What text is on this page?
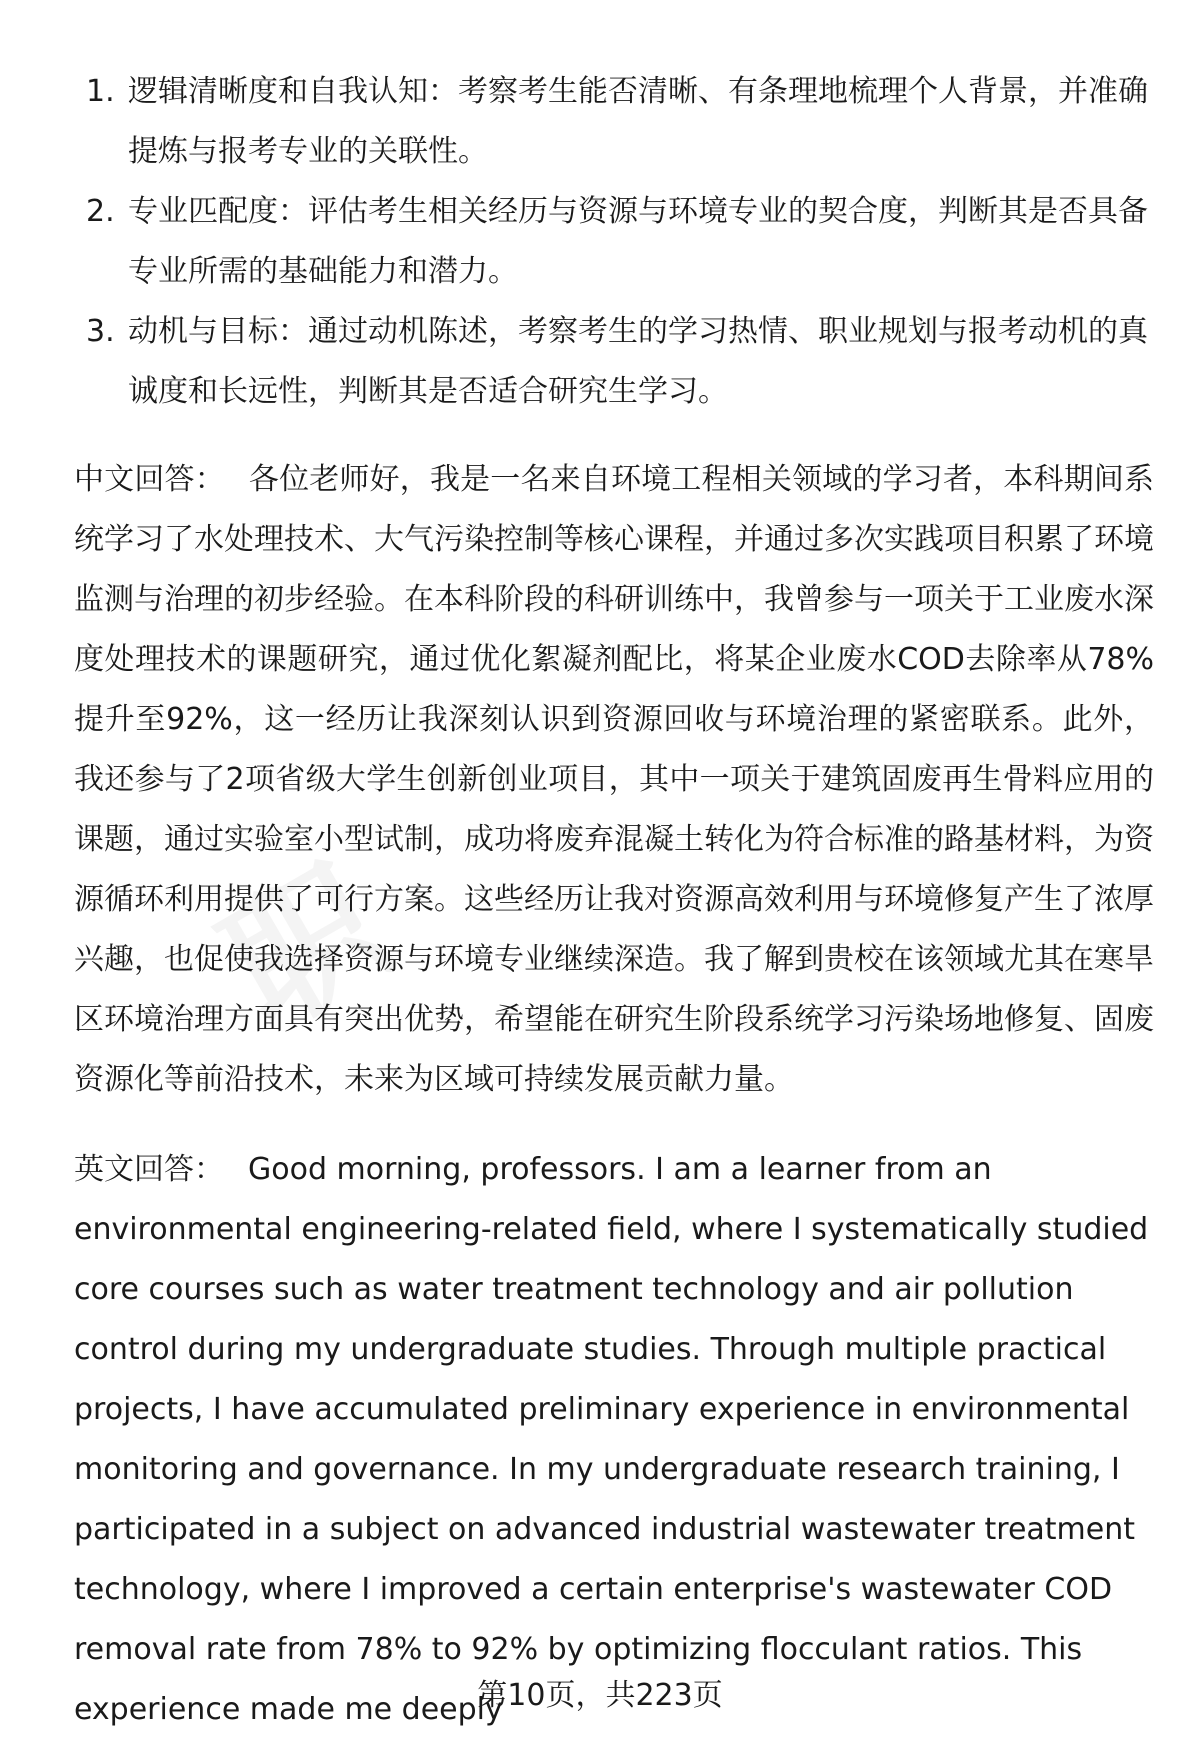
1. 逻辑清晰度和自我认知：考察考生能否清晰、有条理地梳理个人背景，并准确提炼与报考专业的关联性。
2. 专业匹配度：评估考生相关经历与资源与环境专业的契合度，判断其是否具备专业所需的基础能力和潜力。
3. 动机与目标：通过动机陈述，考察考生的学习热情、职业规划与报考动机的真诚度和长远性，判断其是否适合研究生学习。

中文回答： 各位老师好，我是一名来自环境工程相关领域的学习者，本科期间系统学习了水处理技术、大气污染控制等核心课程，并通过多次实践项目积累了环境监测与治理的初步经验。在本科阶段的科研训练中，我曾参与一项关于工业废水深度处理技术的课题研究，通过优化絮凝剂配比，将某企业废水COD去除率从78%提升至92%，这一经历让我深刻认识到资源回收与环境治理的紧密联系。此外，我还参与了2项省级大学生创新创业项目，其中一项关于建筑固废再生骨料应用的课题，通过实验室小型试制，成功将废弃混凝土转化为符合标准的路基材料，为资源循环利用提供了可行方案。这些经历让我对资源高效利用与环境修复产生了浓厚兴趣，也促使我选择资源与环境专业继续深造。我了解到贵校在该领域尤其在寒旱区环境治理方面具有突出优势，希望能在研究生阶段系统学习污染场地修复、固废资源化等前沿技术，未来为区域可持续发展贡献力量。

英文回答： Good morning, professors. I am a learner from an environmental engineering-related field, where I systematically studied core courses such as water treatment technology and air pollution control during my undergraduate studies. Through multiple practical projects, I have accumulated preliminary experience in environmental monitoring and governance. In my undergraduate research training, I participated in a subject on advanced industrial wastewater treatment technology, where I improved a certain enterprise's wastewater COD removal rate from 78% to 92% by optimizing flocculant ratios. This experience made me deeply

第10页，共223页
